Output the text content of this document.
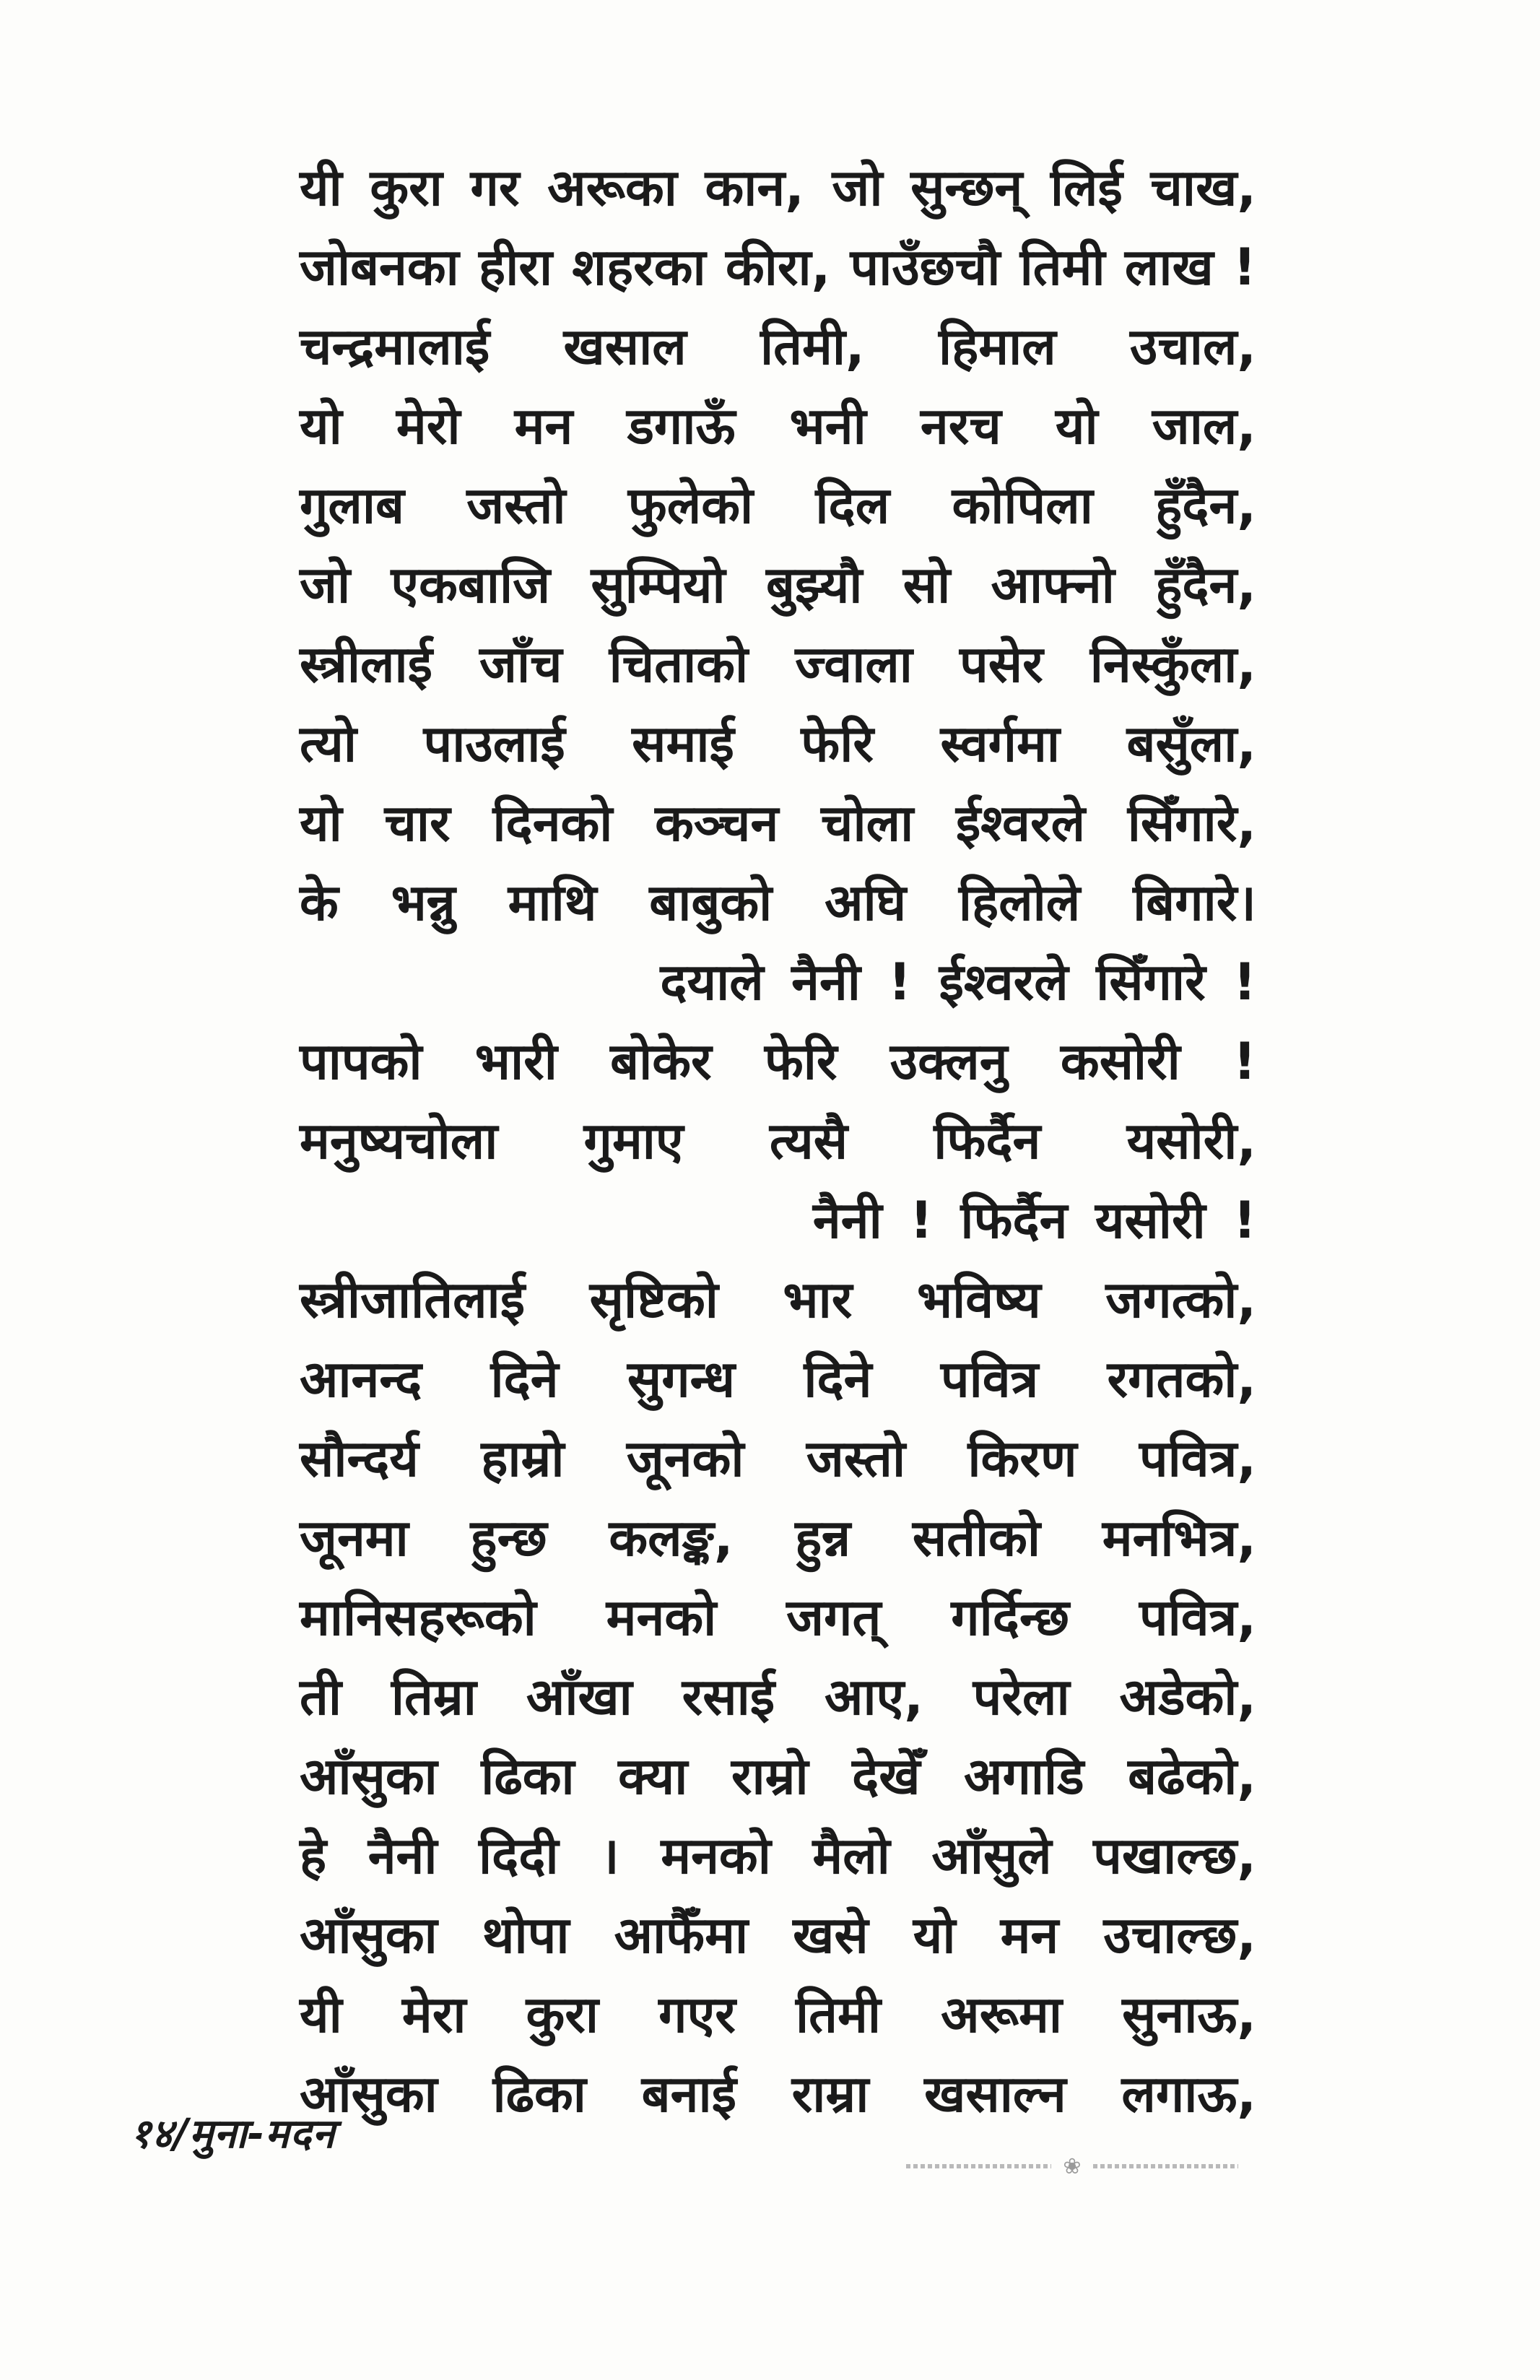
यी कुरा गर अरूका कान, जो सुन्छन् लिई चाख,
जोबनका हीरा शहरका कीरा, पाउँछचौ तिमी लाख !
चन्द्रमालाई खसाल तिमी, हिमाल उचाल,
यो मेरो मन डगाऊँ भनी नरच यो जाल,
गुलाब जस्तो फुलेको दिल कोपिला हुँदैन,
जो एकबाजि सुम्पियो बुझ्यौ सो आफ्नो हुँदैन,
स्त्रीलाई जाँच चिताको ज्वाला पसेर निस्कुँला,
त्यो पाउलाई समाई फेरि स्वर्गमा बसुँला,
यो चार दिनको कञ्चन चोला ईश्वरले सिँगारे,
के भन्नु माथि बाबुको अघि हिलोले बिगारे।
दयाले नैनी ! ईश्वरले सिँगारे !
पापको भारी बोकेर फेरि उक्लनु कसोरी !
मनुष्यचोला गुमाए त्यसै फिर्दैन यसोरी,
नैनी ! फिर्दैन यसोरी !
स्त्रीजातिलाई सृष्टिको भार भविष्य जगत्को,
आनन्द दिने सुगन्ध दिने पवित्र रगतको,
सौन्दर्य हाम्रो जूनको जस्तो किरण पवित्र,
जूनमा हुन्छ कलङ्क, हुन्न सतीको मनभित्र,
मानिसहरूको मनको जगत् गर्दिन्छ पवित्र,
ती तिम्रा आँखा रसाई आए, परेला अडेको,
आँसुका ढिका क्या राम्रो देखेँ अगाडि बढेको,
हे नैनी दिदी । मनको मैलो आँसुले पखाल्छ,
आँसुका थोपा आफैँमा खसे यो मन उचाल्छ,
यी मेरा कुरा गएर तिमी अरूमा सुनाऊ,
आँसुका ढिका बनाई राम्रा खसाल्न लगाऊ,
१४/मुना-मदन
❀
